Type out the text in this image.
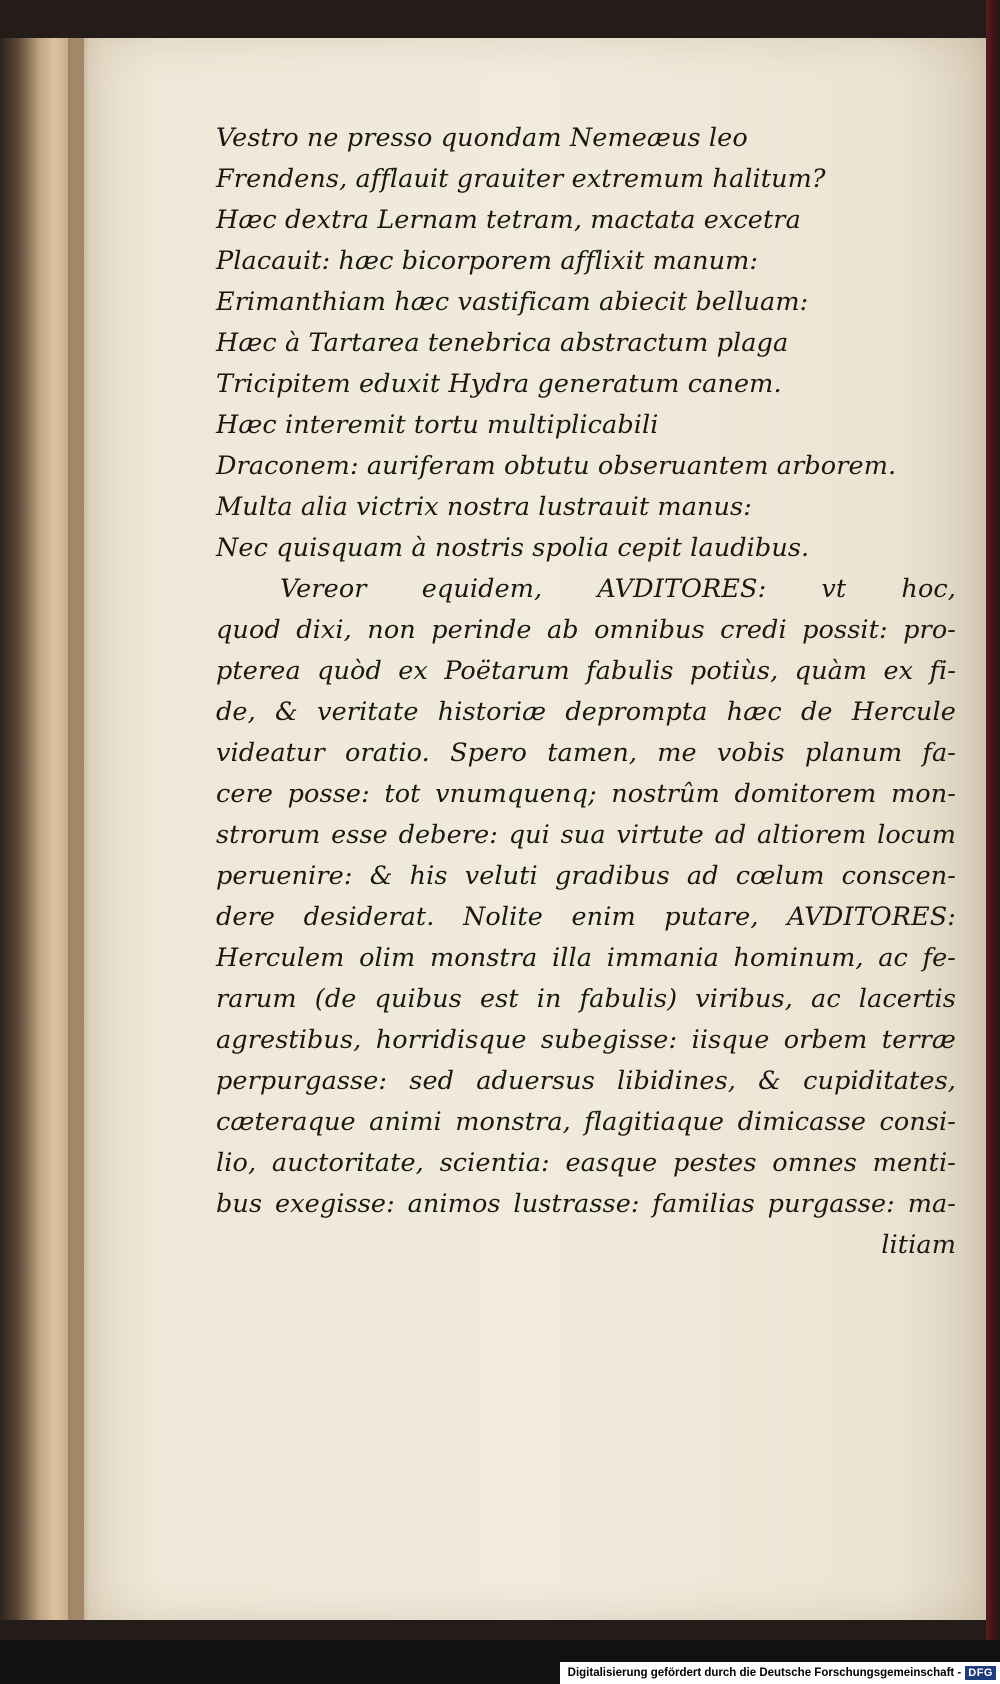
Vestro ne presso quondam Nemeæus leo
Frendens, afflauit grauiter extremum halitum?
Hæc dextra Lernam tetram, mactata excetra
Placauit: hæc bicorporem afflixit manum:
Erimanthiam hæc vastificam abiecit belluam:
Hæc à Tartarea tenebrica abstractum plaga
Tricipitem eduxit Hydra generatum canem.
Hæc interemit tortu multiplicabili
Draconem: auriferam obtutu obseruantem arborem.
Multa alia victrix nostra lustrauit manus:
Nec quisquam à nostris spolia cepit laudibus.
Vereor equidem, AVDITORES: vt hoc,
quod dixi, non perinde ab omnibus credi possit: pro-
pterea quòd ex Poëtarum fabulis potiùs, quàm ex fi-
de, & veritate historiæ deprompta hæc de Hercule
videatur oratio. Spero tamen, me vobis planum fa-
cere posse: tot vnumquenq; nostrûm domitorem mon-
strorum esse debere: qui sua virtute ad altiorem locum
peruenire: & his veluti gradibus ad cœlum conscen-
dere desiderat. Nolite enim putare, AVDITORES:
Herculem olim monstra illa immania hominum, ac fe-
rarum (de quibus est in fabulis) viribus, ac lacertis
agrestibus, horridisque subegisse: iisque orbem terræ
perpurgasse: sed aduersus libidines, & cupiditates,
cæteraque animi monstra, flagitiaque dimicasse consi-
lio, auctoritate, scientia: easque pestes omnes menti-
bus exegisse: animos lustrasse: familias purgasse: ma-
litiam
Digitalisierung gefördert durch die Deutsche Forschungsgemeinschaft - DFG
